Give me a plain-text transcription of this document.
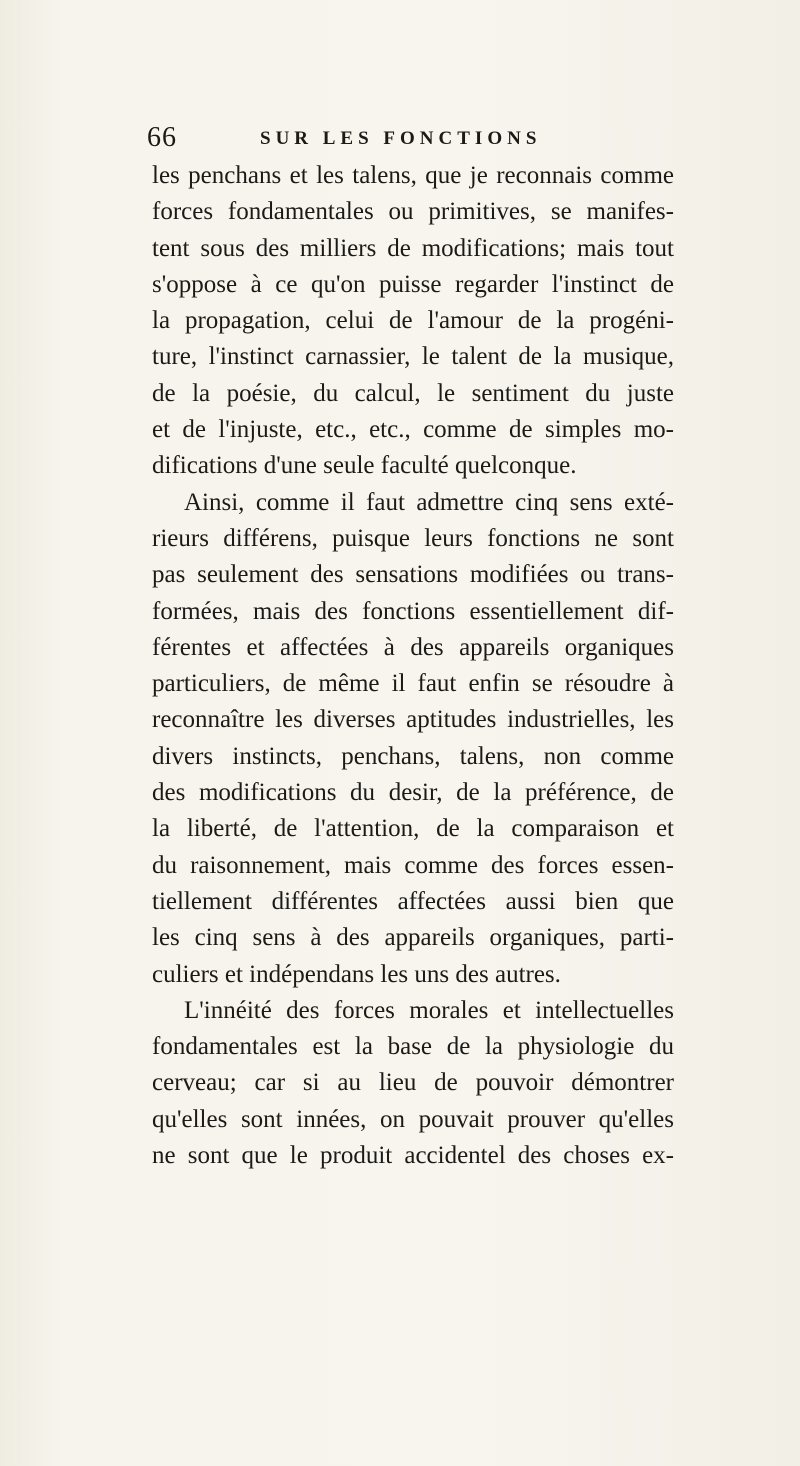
66	SUR LES FONCTIONS
les penchans et les talens, que je reconnais comme
forces fondamentales ou primitives, se manifes-
tent sous des milliers de modifications; mais tout
s'oppose à ce qu'on puisse regarder l'instinct de
la propagation, celui de l'amour de la progéni-
ture, l'instinct carnassier, le talent de la musique,
de la poésie, du calcul, le sentiment du juste
et de l'injuste, etc., etc., comme de simples mo-
difications d'une seule faculté quelconque.
Ainsi, comme il faut admettre cinq sens exté-
rieurs différens, puisque leurs fonctions ne sont
pas seulement des sensations modifiées ou trans-
formées, mais des fonctions essentiellement dif-
férentes et affectées à des appareils organiques
particuliers, de même il faut enfin se résoudre à
reconnaître les diverses aptitudes industrielles, les
divers instincts, penchans, talens, non comme
des modifications du desir, de la préférence, de
la liberté, de l'attention, de la comparaison et
du raisonnement, mais comme des forces essen-
tiellement différentes affectées aussi bien que
les cinq sens à des appareils organiques, parti-
culiers et indépendans les uns des autres.
L'innéité des forces morales et intellectuelles
fondamentales est la base de la physiologie du
cerveau; car si au lieu de pouvoir démontrer
qu'elles sont innées, on pouvait prouver qu'elles
ne sont que le produit accidentel des choses ex-
